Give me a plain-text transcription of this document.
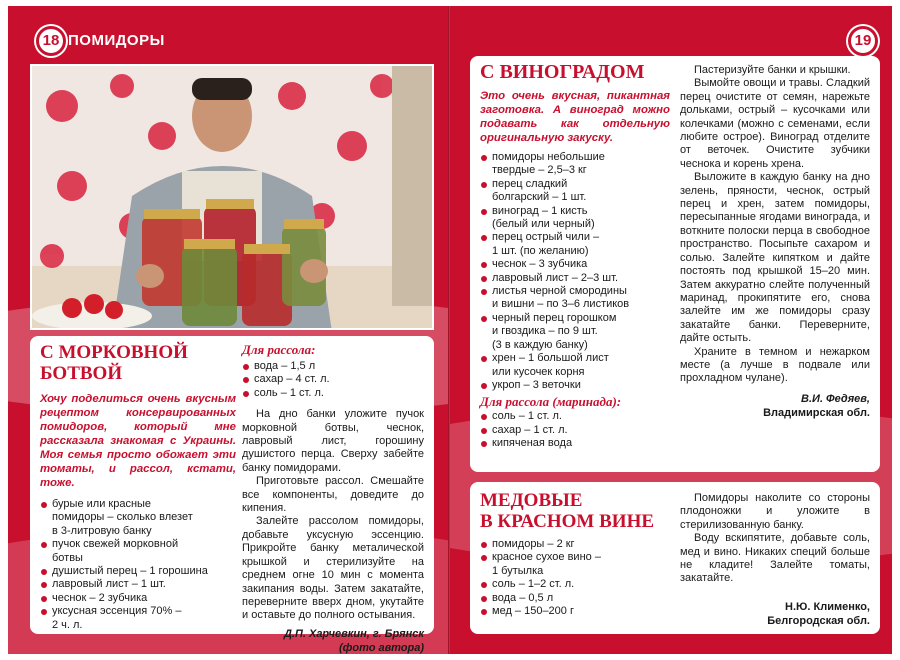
18 ПОМИДОРЫ
С МОРКОВНОЙ
БОТВОЙ
Хочу поделиться очень вкусным рецептом консервированных помидоров, который мне рассказала знакомая с Украины. Моя семья просто обожает эти томаты, и рассол, кстати, тоже.
бурые или красные
помидоры – сколько влезет
в 3-литровую банку
пучок свежей морковной
ботвы
душистый перец – 1 горошина
лавровый лист – 1 шт.
чеснок – 2 зубчика
уксусная эссенция 70% –
2 ч. л.
Для рассола:
вода – 1,5 л
сахар – 4 ст. л.
соль – 1 ст. л.

На дно банки уложите пучок морковной ботвы, чеснок, лавровый лист, горошину душистого перца. Сверху забейте банку помидорами.

Приготовьте рассол. Смешайте все компоненты, доведите до кипения.

Залейте рассолом помидоры, добавьте уксусную эссенцию. Прикройте банку металической крышкой и стерилизуйте на среднем огне 10 мин с момента закипания воды. Затем закатайте, переверните вверх дном, укутайте и оставьте до полного остывания.

Д.П. Харчевкин, г. Брянск
(фото автора)
19
С ВИНОГРАДОМ
Это очень вкусная, пикантная заготовка. А виноград можно подавать как отдельную оригинальную закуску.
помидоры небольшие
твердые – 2,5–3 кг
перец сладкий
болгарский – 1 шт.
виноград – 1 кисть
(белый или черный)
перец острый чили –
1 шт. (по желанию)
чеснок – 3 зубчика
лавровый лист – 2–3 шт.
листья черной смородины
и вишни – по 3–6 листиков
черный перец горошком
и гвоздика – по 9 шт.
(3 в каждую банку)
хрен – 1 большой лист
или кусочек корня
укроп – 3 веточки
Для рассола (маринада):
соль – 1 ст. л.
сахар – 1 ст. л.
кипяченая вода

Пастеризуйте банки и крышки.

Вымойте овощи и травы. Сладкий перец очистите от семян, нарежьте дольками, острый – кусочками или колечками (можно с семенами, если любите острое). Виноград отделите от веточек. Очистите зубчики чеснока и корень хрена.

Выложите в каждую банку на дно зелень, пряности, чеснок, острый перец и хрен, затем помидоры, пересыпанные ягодами винограда, и воткните полоски перца в свободное пространство. Посыпьте сахаром и солью. Залейте кипятком и дайте постоять под крышкой 15–20 мин. Затем аккуратно слейте полученный маринад, прокипятите его, снова залейте им же помидоры сразу закатайте банки. Переверните, дайте остыть.

Храните в темном и нежарком месте (а лучше в подвале или прохладном чулане).

В.И. Федяев,
Владимирская обл.
МЕДОВЫЕ
В КРАСНОМ ВИНЕ
помидоры – 2 кг
красное сухое вино –
1 бутылка
соль – 1–2 ст. л.
вода – 0,5 л
мед – 150–200 г

Помидоры наколите со стороны плодоножки и уложите в стерилизованную банку.

Воду вскипятите, добавьте соль, мед и вино. Никаких специй больше не кладите! Залейте томаты, закатайте.

Н.Ю. Клименко,
Белгородская обл.
